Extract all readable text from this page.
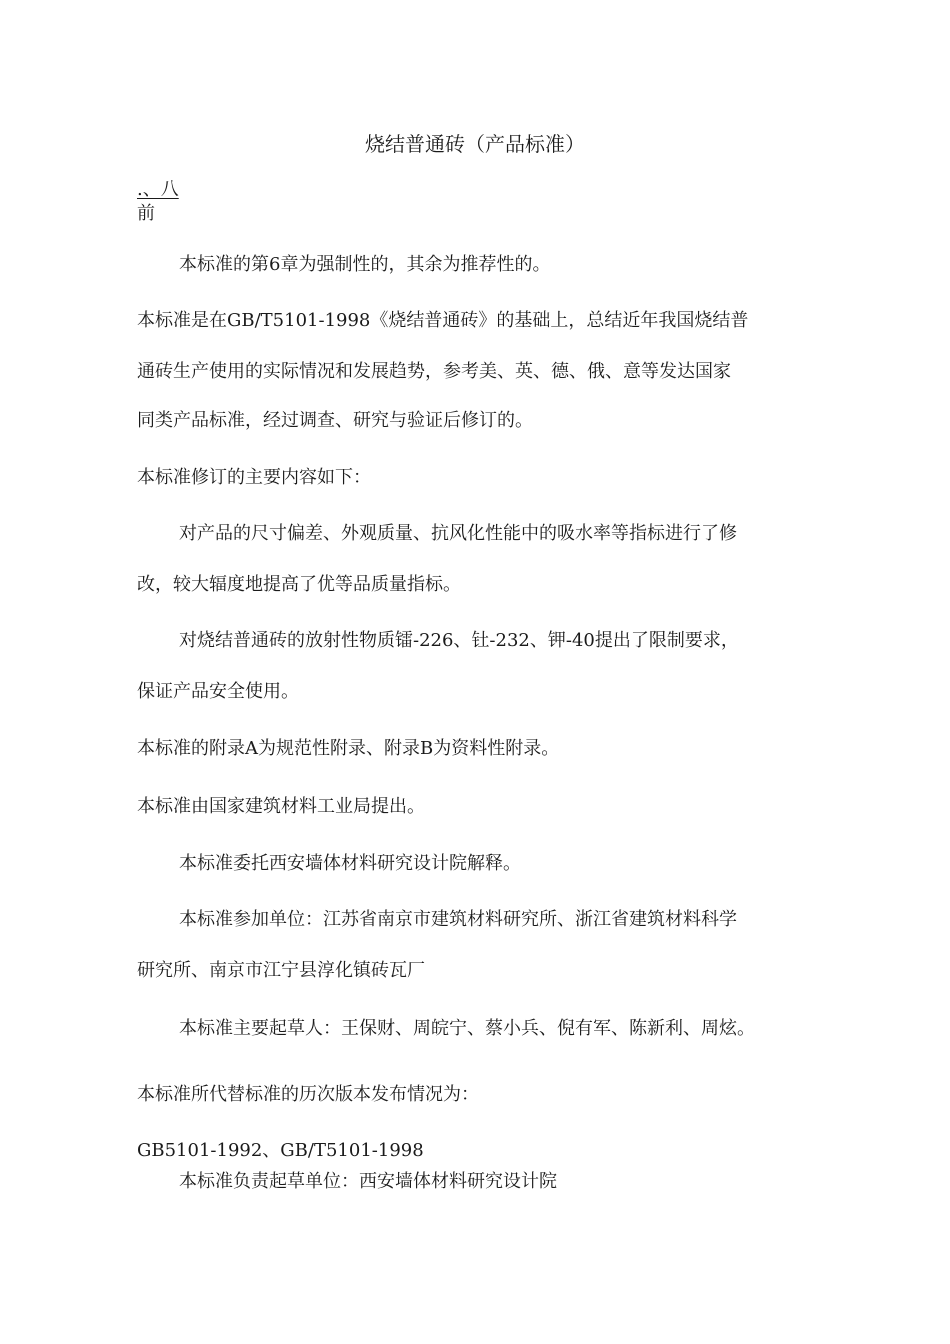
烧结普通砖（产品标准）

.、八

前

本标准的第6章为强制性的，其余为推荐性的。

本标准是在GB/T5101-1998《烧结普通砖》的基础上，总结近年我国烧结普

通砖生产使用的实际情况和发展趋势，参考美、英、德、俄、意等发达国家

同类产品标准，经过调查、研究与验证后修订的。

本标准修订的主要内容如下：

对产品的尺寸偏差、外观质量、抗风化性能中的吸水率等指标进行了修

改，较大辐度地提高了优等品质量指标。

对烧结普通砖的放射性物质镭-226、钍-232、钾-40提出了限制要求，

保证产品安全使用。

本标准的附录A为规范性附录、附录B为资料性附录。

本标准由国家建筑材料工业局提出。

本标准委托西安墙体材料研究设计院解释。

本标准参加单位：江苏省南京市建筑材料研究所、浙江省建筑材料科学

研究所、南京市江宁县淳化镇砖瓦厂

本标准主要起草人：王保财、周皖宁、蔡小兵、倪有军、陈新利、周炫。

本标准所代替标准的历次版本发布情况为：

GB5101-1992、GB/T5101-1998

本标准负责起草单位：西安墙体材料研究设计院
